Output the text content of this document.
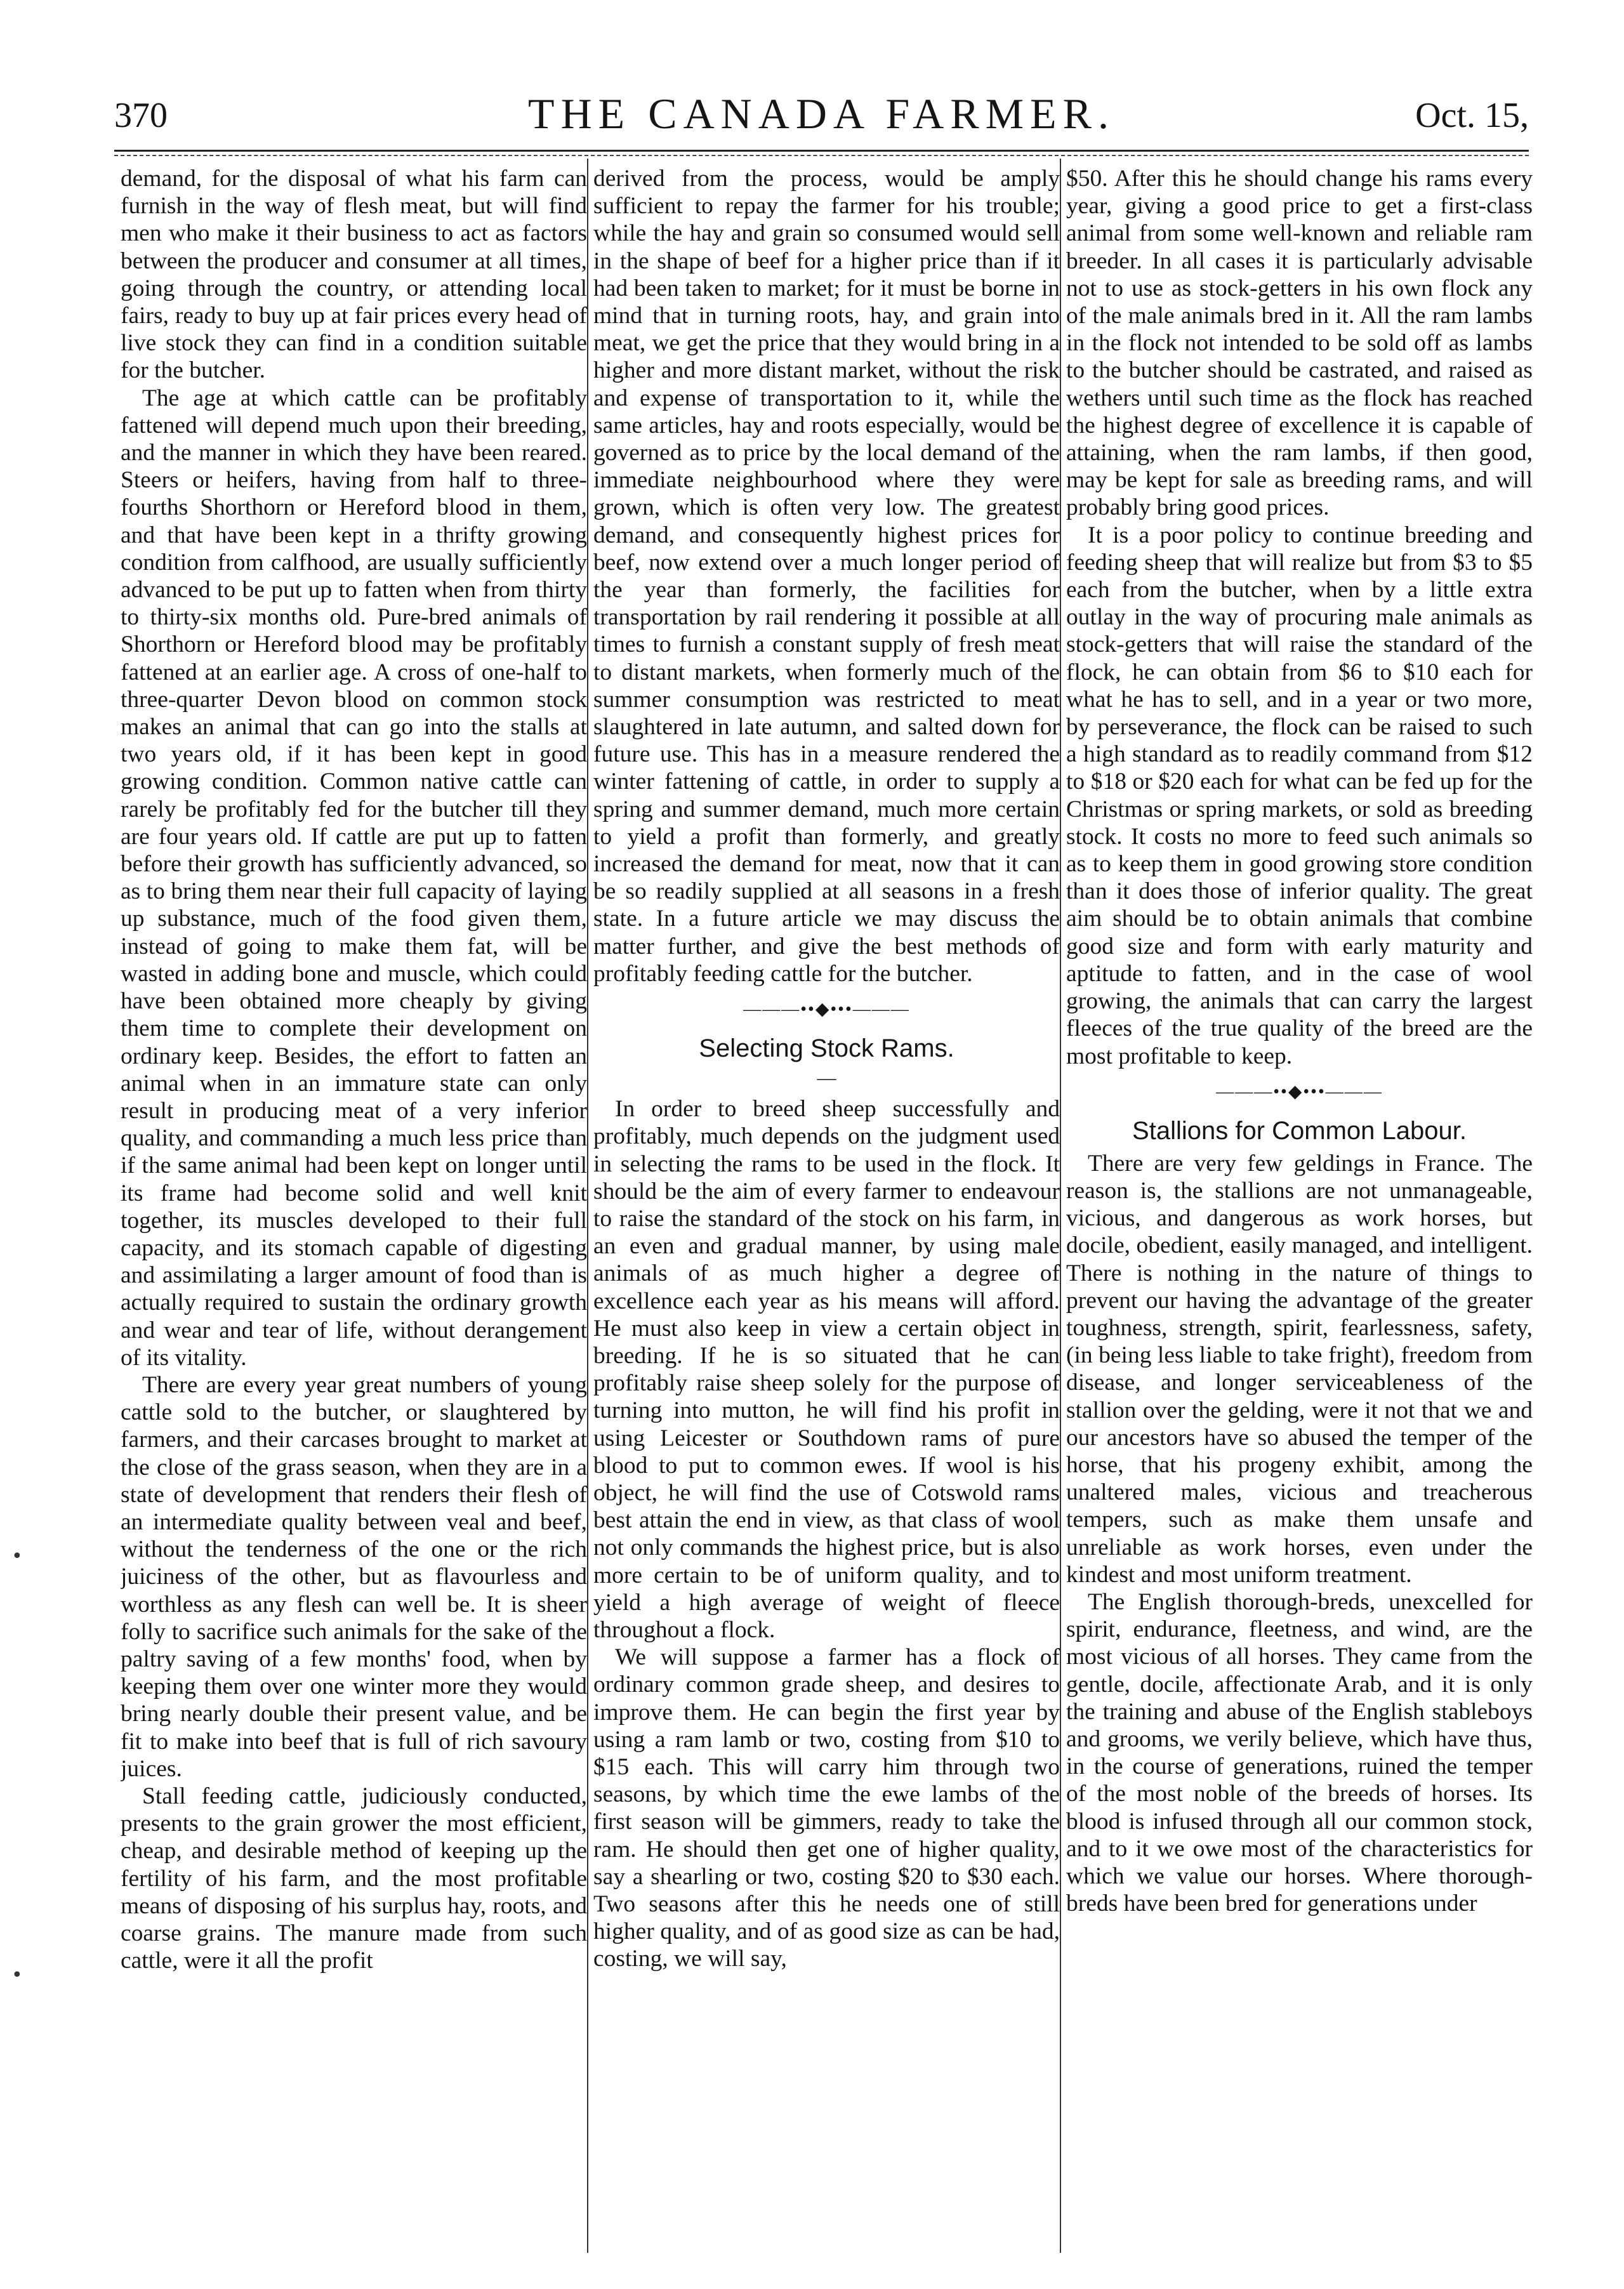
370	THE CANADA FARMER.	Oct. 15,

demand, for the disposal of what his farm can furnish in the way of flesh meat, but will find men who make it their business to act as factors between the producer and consumer at all times, going through the country, or attending local fairs, ready to buy up at fair prices every head of live stock they can find in a condition suitable for the butcher.

The age at which cattle can be profitably fattened will depend much upon their breeding, and the manner in which they have been reared. Steers or heifers, having from half to three-fourths Shorthorn or Hereford blood in them, and that have been kept in a thrifty growing condition from calfhood, are usually sufficiently advanced to be put up to fatten when from thirty to thirty-six months old. Pure-bred animals of Shorthorn or Hereford blood may be profitably fattened at an earlier age. A cross of one-half to three-quarter Devon blood on common stock makes an animal that can go into the stalls at two years old, if it has been kept in good growing condition. Common native cattle can rarely be profitably fed for the butcher till they are four years old. If cattle are put up to fatten before their growth has sufficiently advanced, so as to bring them near their full capacity of laying up substance, much of the food given them, instead of going to make them fat, will be wasted in adding bone and muscle, which could have been obtained more cheaply by giving them time to complete their development on ordinary keep. Besides, the effort to fatten an animal when in an immature state can only result in producing meat of a very inferior quality, and commanding a much less price than if the same animal had been kept on longer until its frame had become solid and well knit together, its muscles developed to their full capacity, and its stomach capable of digesting and assimilating a larger amount of food than is actually required to sustain the ordinary growth and wear and tear of life, without derangement of its vitality.

There are every year great numbers of young cattle sold to the butcher, or slaughtered by farmers, and their carcases brought to market at the close of the grass season, when they are in a state of development that renders their flesh of an intermediate quality between veal and beef, without the tenderness of the one or the rich juiciness of the other, but as flavourless and worthless as any flesh can well be. It is sheer folly to sacrifice such animals for the sake of the paltry saving of a few months' food, when by keeping them over one winter more they would bring nearly double their present value, and be fit to make into beef that is full of rich savoury juices.

Stall feeding cattle, judiciously conducted, presents to the grain grower the most efficient, cheap, and desirable method of keeping up the fertility of his farm, and the most profitable means of disposing of his surplus hay, roots, and coarse grains. The manure made from such cattle, were it all the profit

derived from the process, would be amply sufficient to repay the farmer for his trouble; while the hay and grain so consumed would sell in the shape of beef for a higher price than if it had been taken to market; for it must be borne in mind that in turning roots, hay, and grain into meat, we get the price that they would bring in a higher and more distant market, without the risk and expense of transportation to it, while the same articles, hay and roots especially, would be governed as to price by the local demand of the immediate neighbourhood where they were grown, which is often very low. The greatest demand, and consequently highest prices for beef, now extend over a much longer period of the year than formerly, the facilities for transportation by rail rendering it possible at all times to furnish a constant supply of fresh meat to distant markets, when formerly much of the summer consumption was restricted to meat slaughtered in late autumn, and salted down for future use. This has in a measure rendered the winter fattening of cattle, in order to supply a spring and summer demand, much more certain to yield a profit than formerly, and greatly increased the demand for meat, now that it can be so readily supplied at all seasons in a fresh state. In a future article we may discuss the matter further, and give the best methods of profitably feeding cattle for the butcher.

———••◆•••———
Selecting Stock Rams.
—

In order to breed sheep successfully and profitably, much depends on the judgment used in selecting the rams to be used in the flock. It should be the aim of every farmer to endeavour to raise the standard of the stock on his farm, in an even and gradual manner, by using male animals of as much higher a degree of excellence each year as his means will afford. He must also keep in view a certain object in breeding. If he is so situated that he can profitably raise sheep solely for the purpose of turning into mutton, he will find his profit in using Leicester or Southdown rams of pure blood to put to common ewes. If wool is his object, he will find the use of Cotswold rams best attain the end in view, as that class of wool not only commands the highest price, but is also more certain to be of uniform quality, and to yield a high average of weight of fleece throughout a flock.

We will suppose a farmer has a flock of ordinary common grade sheep, and desires to improve them. He can begin the first year by using a ram lamb or two, costing from $10 to $15 each. This will carry him through two seasons, by which time the ewe lambs of the first season will be gimmers, ready to take the ram. He should then get one of higher quality, say a shearling or two, costing $20 to $30 each. Two seasons after this he needs one of still higher quality, and of as good size as can be had, costing, we will say,

$50. After this he should change his rams every year, giving a good price to get a first-class animal from some well-known and reliable ram breeder. In all cases it is particularly advisable not to use as stock-getters in his own flock any of the male animals bred in it. All the ram lambs in the flock not intended to be sold off as lambs to the butcher should be castrated, and raised as wethers until such time as the flock has reached the highest degree of excellence it is capable of attaining, when the ram lambs, if then good, may be kept for sale as breeding rams, and will probably bring good prices.

It is a poor policy to continue breeding and feeding sheep that will realize but from $3 to $5 each from the butcher, when by a little extra outlay in the way of procuring male animals as stock-getters that will raise the standard of the flock, he can obtain from $6 to $10 each for what he has to sell, and in a year or two more, by perseverance, the flock can be raised to such a high standard as to readily command from $12 to $18 or $20 each for what can be fed up for the Christmas or spring markets, or sold as breeding stock. It costs no more to feed such animals so as to keep them in good growing store condition than it does those of inferior quality. The great aim should be to obtain animals that combine good size and form with early maturity and aptitude to fatten, and in the case of wool growing, the animals that can carry the largest fleeces of the true quality of the breed are the most profitable to keep.

———••◆•••———
Stallions for Common Labour.

There are very few geldings in France. The reason is, the stallions are not unmanageable, vicious, and dangerous as work horses, but docile, obedient, easily managed, and intelligent. There is nothing in the nature of things to prevent our having the advantage of the greater toughness, strength, spirit, fearlessness, safety, (in being less liable to take fright), freedom from disease, and longer serviceableness of the stallion over the gelding, were it not that we and our ancestors have so abused the temper of the horse, that his progeny exhibit, among the unaltered males, vicious and treacherous tempers, such as make them unsafe and unreliable as work horses, even under the kindest and most uniform treatment.

The English thorough-breds, unexcelled for spirit, endurance, fleetness, and wind, are the most vicious of all horses. They came from the gentle, docile, affectionate Arab, and it is only the training and abuse of the English stableboys and grooms, we verily believe, which have thus, in the course of generations, ruined the temper of the most noble of the breeds of horses. Its blood is infused through all our common stock, and to it we owe most of the characteristics for which we value our horses. Where thorough-breds have been bred for generations under

•
•
